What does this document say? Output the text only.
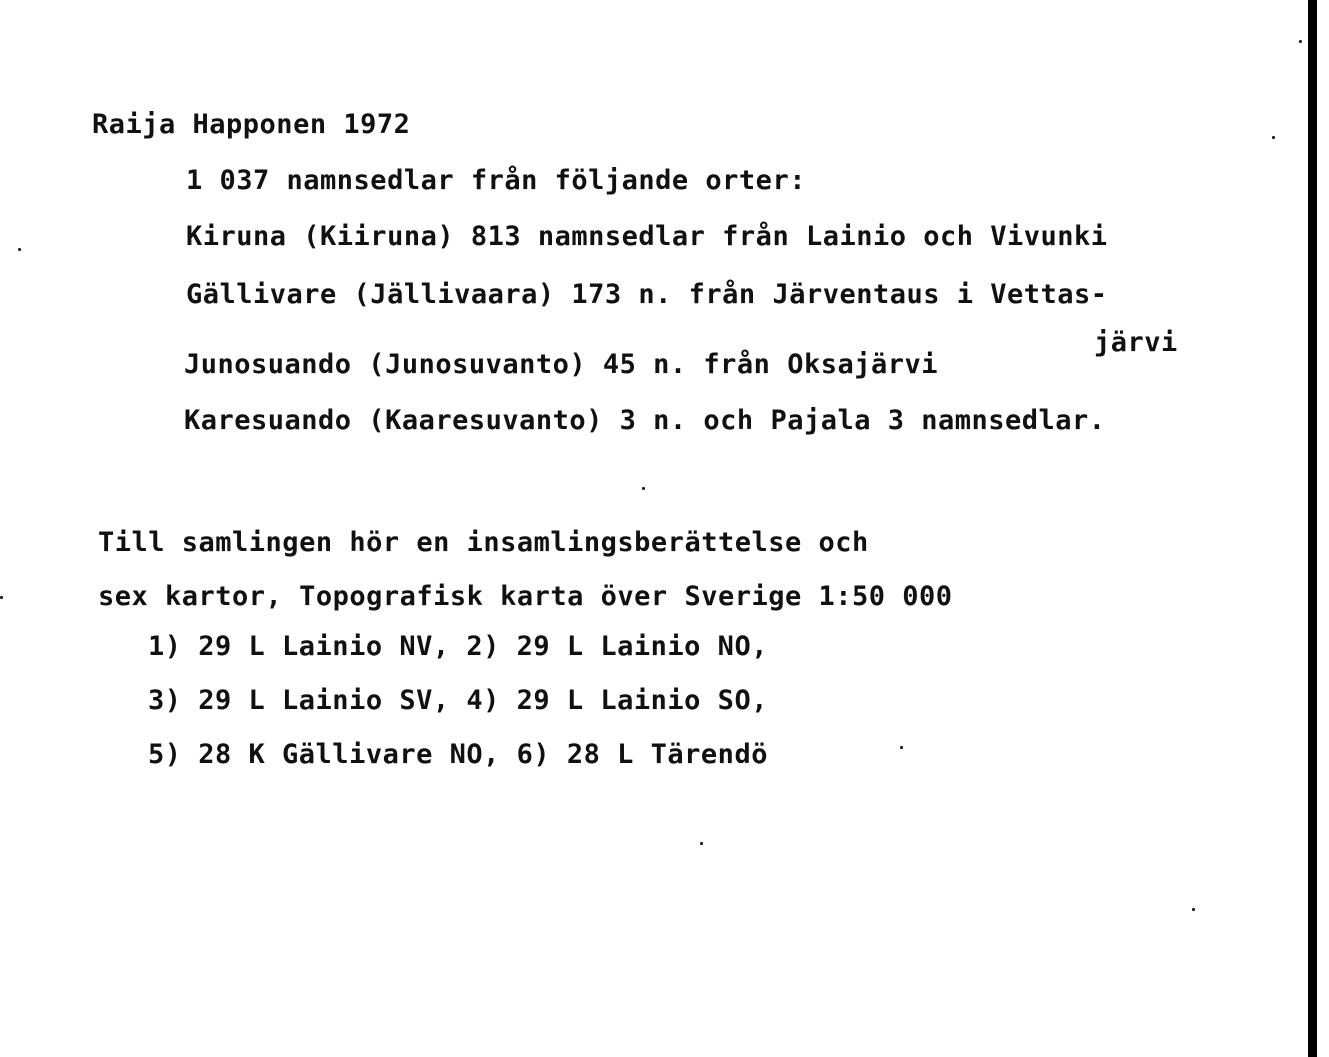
Raija Happonen 1972
1 037 namnsedlar från följande orter:
Kiruna (Kiiruna) 813 namnsedlar från Lainio och Vivunki
Gällivare (Jällivaara) 173 n. från Järventaus i Vettas-
järvi
Junosuando (Junosuvanto) 45 n. från Oksajärvi
Karesuando (Kaaresuvanto) 3 n. och Pajala 3 namnsedlar.
Till samlingen hör en insamlingsberättelse och
sex kartor, Topografisk karta över Sverige 1:50 000
1) 29 L Lainio NV, 2) 29 L Lainio NO,
3) 29 L Lainio SV, 4) 29 L Lainio SO,
5) 28 K Gällivare NO, 6) 28 L Tärendö
